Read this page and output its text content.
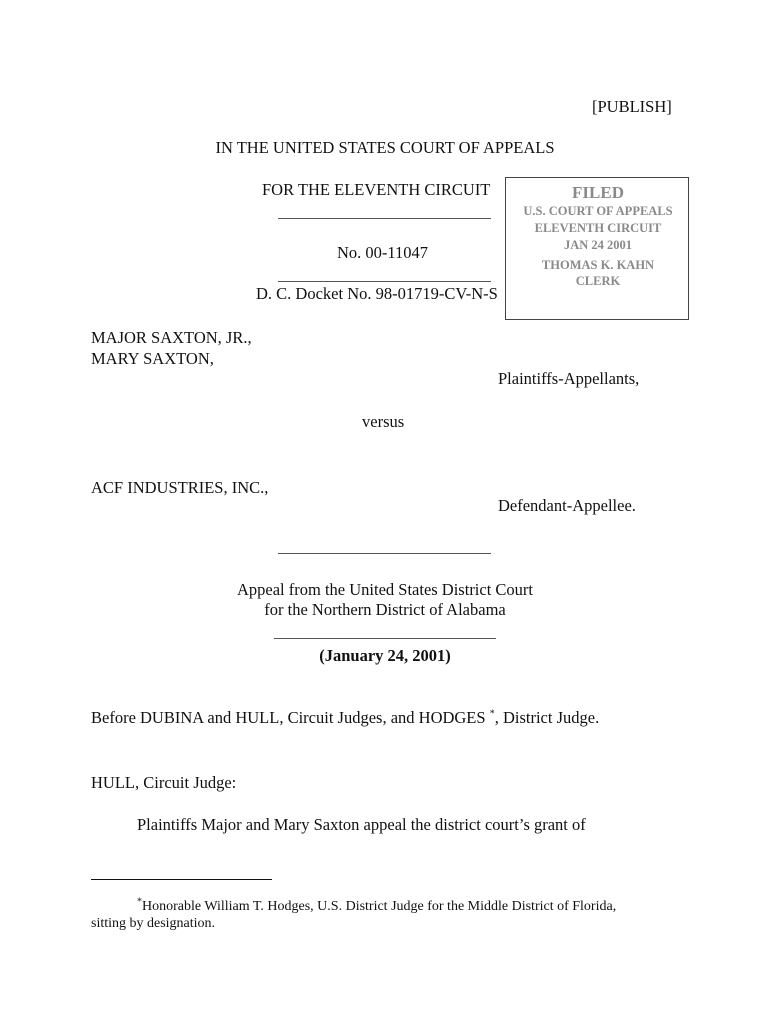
[PUBLISH]
IN THE UNITED STATES COURT OF APPEALS
FOR THE ELEVENTH CIRCUIT
No. 00-11047
D. C. Docket No. 98-01719-CV-N-S
FILED
U.S. COURT OF APPEALS
ELEVENTH CIRCUIT
JAN 24 2001
THOMAS K. KAHN
CLERK
MAJOR SAXTON, JR.,
MARY SAXTON,
Plaintiffs-Appellants,
versus
ACF INDUSTRIES, INC.,
Defendant-Appellee.
Appeal from the United States District Court
for the Northern District of Alabama
(January 24, 2001)
Before DUBINA and HULL, Circuit Judges, and HODGES *, District Judge.
HULL, Circuit Judge:
Plaintiffs Major and Mary Saxton appeal the district court’s grant of
*Honorable William T. Hodges, U.S. District Judge for the Middle District of Florida,
sitting by designation.
